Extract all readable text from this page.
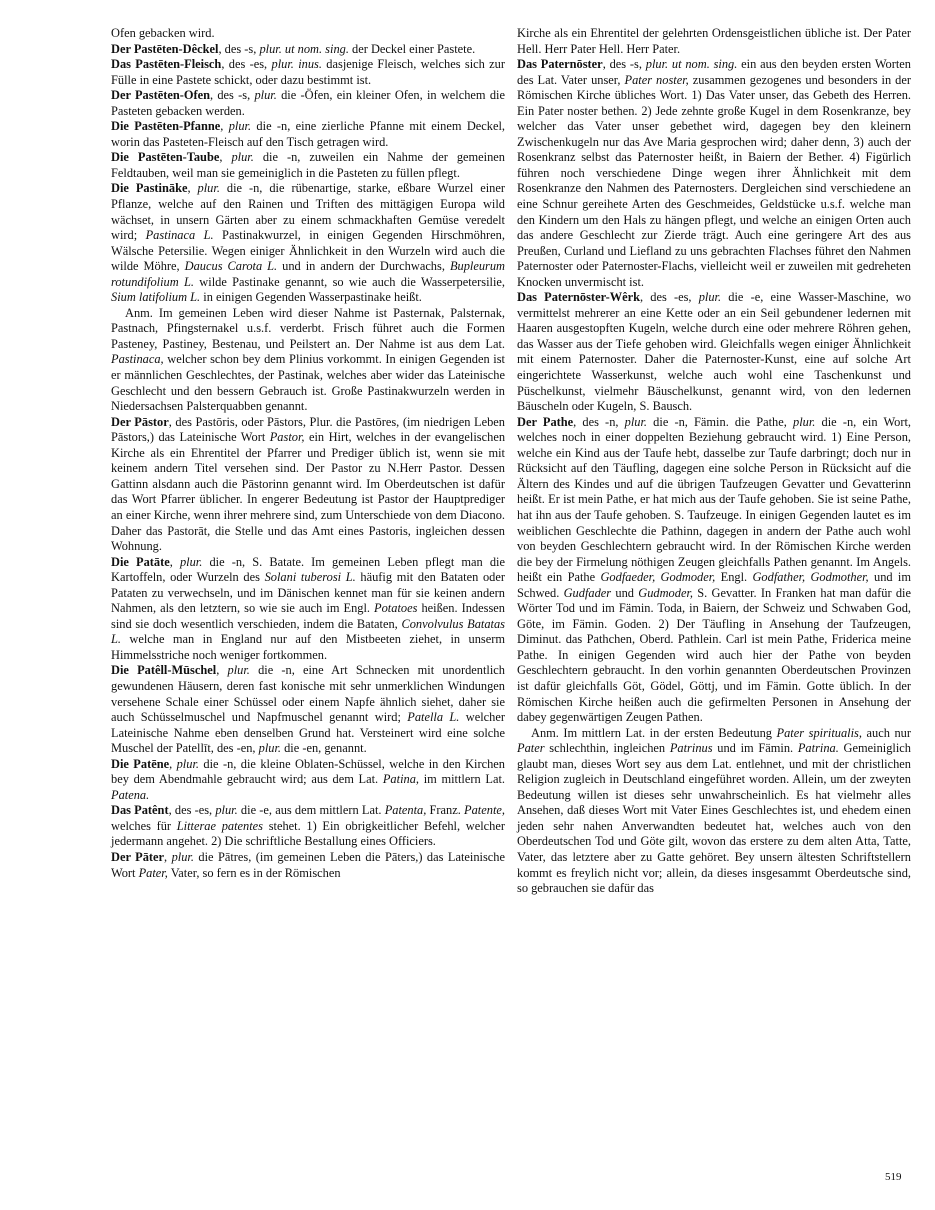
Ofen gebacken wird.

Der Pastēten-Dêckel, des -s, plur. ut nom. sing. der Deckel einer Pastete.

Das Pastēten-Fleisch, des -es, plur. inus. dasjenige Fleisch, welches sich zur Fülle in eine Pastete schickt, oder dazu bestimmt ist.

Der Pastēten-Ofen, des -s, plur. die -Öfen, ein kleiner Ofen, in welchem die Pasteten gebacken werden.

Die Pastēten-Pfanne, plur. die -n, eine zierliche Pfanne mit einem Deckel, worin das Pasteten-Fleisch auf den Tisch getragen wird.

Die Pastēten-Taube, plur. die -n, zuweilen ein Nahme der gemeinen Feldtauben, weil man sie gemeiniglich in die Pasteten zu füllen pflegt.

Die Pastināke, plur. die -n, die rübenartige, starke, eßbare Wurzel einer Pflanze, welche auf den Rainen und Triften des mittägigen Europa wild wächset, in unsern Gärten aber zu einem schmackhaften Gemüse veredelt wird; Pastinaca L. Pastinakwurzel, in einigen Gegenden Hirschmöhren, Wälsche Petersilie. Wegen einiger Ähnlichkeit in den Wurzeln wird auch die wilde Möhre, Daucus Carota L. und in andern der Durchwachs, Bupleurum rotundifolium L. wilde Pastinake genannt, so wie auch die Wasserpetersilie, Sium latifolium L. in einigen Gegenden Wasserpastinake heißt.

Anm. Im gemeinen Leben wird dieser Nahme ist Pasternak, Palsternak, Pastnach, Pfingsternakel u.s.f. verderbt. Frisch führet auch die Formen Pasteney, Pastiney, Bestenau, und Peilstert an. Der Nahme ist aus dem Lat. Pastinaca, welcher schon bey dem Plinius vorkommt. In einigen Gegenden ist er männlichen Geschlechtes, der Pastinak, welches aber wider das Lateinische Geschlecht und den bessern Gebrauch ist. Große Pastinakwurzeln werden in Niedersachsen Palsterquabben genannt.

Der Pāstor, des Pastōris, oder Pāstors, Plur. die Pastōres, (im niedrigen Leben Pāstors,) das Lateinische Wort Pastor, ein Hirt, welches in der evangelischen Kirche als ein Ehrentitel der Pfarrer und Prediger üblich ist, wenn sie mit keinem andern Titel versehen sind. Der Pastor zu N.Herr Pastor. Dessen Gattinn alsdann auch die Pāstorinn genannt wird. Im Oberdeutschen ist dafür das Wort Pfarrer üblicher. In engerer Bedeutung ist Pastor der Hauptprediger an einer Kirche, wenn ihrer mehrere sind, zum Unterschiede von dem Diacono. Daher das Pastorāt, die Stelle und das Amt eines Pastoris, ingleichen dessen Wohnung.

Die Patāte, plur. die -n, S. Batate. Im gemeinen Leben pflegt man die Kartoffeln, oder Wurzeln des Solani tuberosi L. häufig mit den Bataten oder Pataten zu verwechseln, und im Dänischen kennet man für sie keinen andern Nahmen, als den letztern, so wie sie auch im Engl. Potatoes heißen. Indessen sind sie doch wesentlich verschieden, indem die Bataten, Convolvulus Batatas L. welche man in England nur auf den Mistbeeten ziehet, in unserm Himmelsstriche noch weniger fortkommen.

Die Patêll-Mūschel, plur. die -n, eine Art Schnecken mit unordentlich gewundenen Häusern, deren fast konische mit sehr unmerklichen Windungen versehene Schale einer Schüssel oder einem Napfe ähnlich siehet, daher sie auch Schüsselmuschel und Napfmuschel genannt wird; Patella L. welcher Lateinische Nahme eben denselben Grund hat. Versteinert wird eine solche Muschel der Patellīt, des -en, plur. die -en, genannt.

Die Patēne, plur. die -n, die kleine Oblaten-Schüssel, welche in den Kirchen bey dem Abendmahle gebraucht wird; aus dem Lat. Patina, im mittlern Lat. Patena.

Das Patênt, des -es, plur. die -e, aus dem mittlern Lat. Patenta, Franz. Patente, welches für Litterae patentes stehet. 1) Ein obrigkeitlicher Befehl, welcher jedermann angehet. 2) Die schriftliche Bestallung eines Officiers.

Der Pāter, plur. die Pātres, (im gemeinen Leben die Pāters,) das Lateinische Wort Pater, Vater, so fern es in der Römischen

Kirche als ein Ehrentitel der gelehrten Ordensgeistlichen übliche ist. Der Pater Hell. Herr Pater Hell. Herr Pater.

Das Paternōster, des -s, plur. ut nom. sing. ein aus den beyden ersten Worten des Lat. Vater unser, Pater noster, zusammen gezogenes und besonders in der Römischen Kirche übliches Wort. 1) Das Vater unser, das Gebeth des Herren. Ein Pater noster bethen. 2) Jede zehnte große Kugel in dem Rosenkranze, bey welcher das Vater unser gebethet wird, dagegen bey den kleinern Zwischenkugeln nur das Ave Maria gesprochen wird; daher denn, 3) auch der Rosenkranz selbst das Paternoster heißt, in Baiern der Bether. 4) Figürlich führen noch verschiedene Dinge wegen ihrer Ähnlichkeit mit dem Rosenkranze den Nahmen des Paternosters. Dergleichen sind verschiedene an eine Schnur gereihete Arten des Geschmeides, Geldstücke u.s.f. welche man den Kindern um den Hals zu hängen pflegt, und welche an einigen Orten auch das andere Geschlecht zur Zierde trägt. Auch eine geringere Art des aus Preußen, Curland und Liefland zu uns gebrachten Flachses führet den Nahmen Paternoster oder Paternoster-Flachs, vielleicht weil er zuweilen mit gedreheten Knocken unvermischt ist.

Das Paternōster-Wêrk, des -es, plur. die -e, eine Wasser-Maschine, wo vermittelst mehrerer an eine Kette oder an ein Seil gebundener ledernen mit Haaren ausgestopften Kugeln, welche durch eine oder mehrere Röhren gehen, das Wasser aus der Tiefe gehoben wird. Gleichfalls wegen einiger Ähnlichkeit mit einem Paternoster. Daher die Paternoster-Kunst, eine auf solche Art eingerichtete Wasserkunst, welche auch wohl eine Taschenkunst und Püschelkunst, vielmehr Bäuschelkunst, genannt wird, von den ledernen Bäuscheln oder Kugeln, S. Bausch.

Der Pathe, des -n, plur. die -n, Fämin. die Pathe, plur. die -n, ein Wort, welches noch in einer doppelten Beziehung gebraucht wird. 1) Eine Person, welche ein Kind aus der Taufe hebt, dasselbe zur Taufe darbringt; doch nur in Rücksicht auf den Täufling, dagegen eine solche Person in Rücksicht auf die Ältern des Kindes und auf die übrigen Taufzeugen Gevatter und Gevatterinn heißt. Er ist mein Pathe, er hat mich aus der Taufe gehoben. Sie ist seine Pathe, hat ihn aus der Taufe gehoben. S. Taufzeuge. In einigen Gegenden lautet es im weiblichen Geschlechte die Pathinn, dagegen in andern der Pathe auch wohl von beyden Geschlechtern gebraucht wird. In der Römischen Kirche werden die bey der Firmelung nöthigen Zeugen gleichfalls Pathen genannt. Im Angels. heißt ein Pathe Godfaeder, Godmoder, Engl. Godfather, Godmother, und im Schwed. Gudfader und Gudmoder, S. Gevatter. In Franken hat man dafür die Wörter Tod und im Fämin. Toda, in Baiern, der Schweiz und Schwaben God, Göte, im Fämin. Goden. 2) Der Täufling in Ansehung der Taufzeugen, Diminut. das Pathchen, Oberd. Pathlein. Carl ist mein Pathe, Friderica meine Pathe. In einigen Gegenden wird auch hier der Pathe von beyden Geschlechtern gebraucht. In den vorhin genannten Oberdeutschen Provinzen ist dafür gleichfalls Göt, Gödel, Göttj, und im Fämin. Gotte üblich. In der Römischen Kirche heißen auch die gefirmelten Personen in Ansehung der dabey gegenwärtigen Zeugen Pathen.

Anm. Im mittlern Lat. in der ersten Bedeutung Pater spiritualis, auch nur Pater schlechthin, ingleichen Patrinus und im Fämin. Patrina. Gemeiniglich glaubt man, dieses Wort sey aus dem Lat. entlehnet, und mit der christlichen Religion zugleich in Deutschland eingeführet worden. Allein, um der zweyten Bedeutung willen ist dieses sehr unwahrscheinlich. Es hat vielmehr alles Ansehen, daß dieses Wort mit Vater Eines Geschlechtes ist, und ehedem einen jeden sehr nahen Anverwandten bedeutet hat, welches auch von den Oberdeutschen Tod und Göte gilt, wovon das erstere zu dem alten Atta, Tatte, Vater, das letztere aber zu Gatte gehöret. Bey unsern ältesten Schriftstellern kommt es freylich nicht vor; allein, da dieses insgesammt Oberdeutsche sind, so gebrauchen sie dafür das

519
